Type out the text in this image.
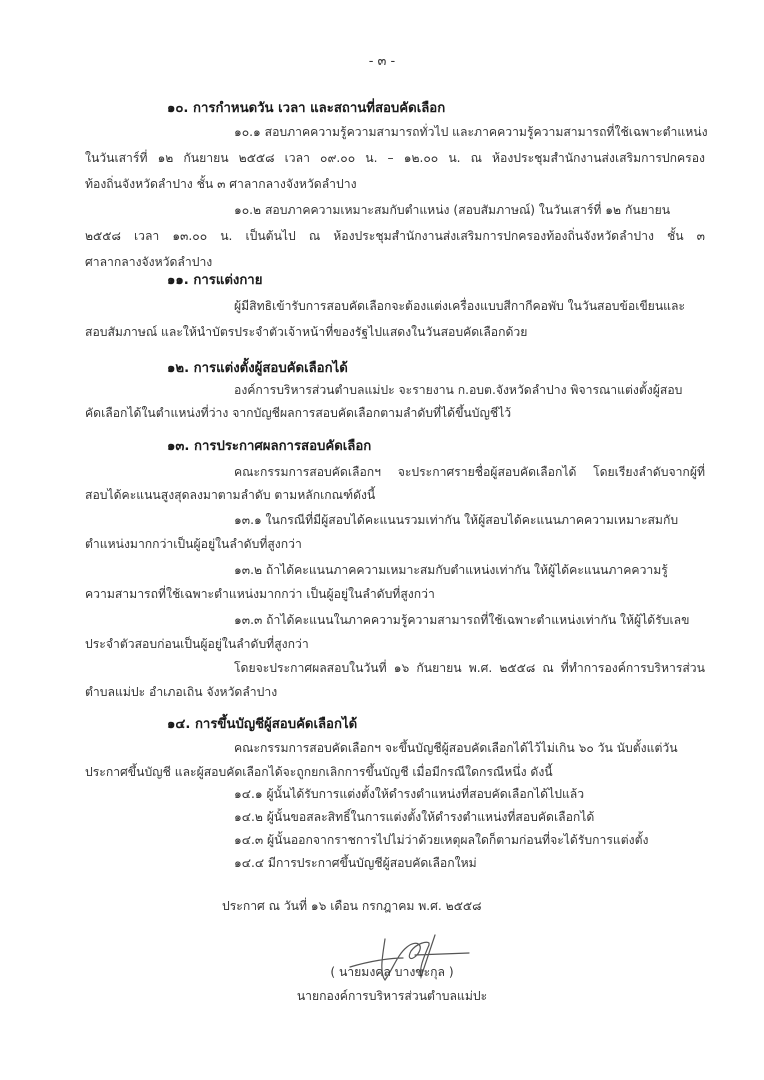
- ๓ -
๑๐. การกำหนดวัน เวลา และสถานที่สอบคัดเลือก
๑๐.๑ สอบภาคความรู้ความสามารถทั่วไป และภาคความรู้ความสามารถที่ใช้เฉพาะตำแหน่ง
ในวันเสาร์ที่ ๑๒ กันยายน ๒๕๕๘ เวลา ๐๙.๐๐ น. – ๑๒.๐๐ น. ณ ห้องประชุมสำนักงานส่งเสริมการปกครอง
ท้องถิ่นจังหวัดลำปาง ชั้น ๓ ศาลากลางจังหวัดลำปาง
๑๐.๒ สอบภาคความเหมาะสมกับตำแหน่ง (สอบสัมภาษณ์) ในวันเสาร์ที่ ๑๒ กันยายน
๒๕๕๘ เวลา ๑๓.๐๐ น. เป็นต้นไป ณ ห้องประชุมสำนักงานส่งเสริมการปกครองท้องถิ่นจังหวัดลำปาง ชั้น ๓
ศาลากลางจังหวัดลำปาง
๑๑. การแต่งกาย
ผู้มีสิทธิเข้ารับการสอบคัดเลือกจะต้องแต่งเครื่องแบบสีกากีคอพับ ในวันสอบข้อเขียนและ
สอบสัมภาษณ์ และให้นำบัตรประจำตัวเจ้าหน้าที่ของรัฐไปแสดงในวันสอบคัดเลือกด้วย
๑๒. การแต่งตั้งผู้สอบคัดเลือกได้
องค์การบริหารส่วนตำบลแม่ปะ จะรายงาน ก.อบต.จังหวัดลำปาง พิจารณาแต่งตั้งผู้สอบ
คัดเลือกได้ในตำแหน่งที่ว่าง จากบัญชีผลการสอบคัดเลือกตามลำดับที่ได้ขึ้นบัญชีไว้
๑๓. การประกาศผลการสอบคัดเลือก
คณะกรรมการสอบคัดเลือกฯ จะประกาศรายชื่อผู้สอบคัดเลือกได้ โดยเรียงลำดับจากผู้ที่
สอบได้คะแนนสูงสุดลงมาตามลำดับ ตามหลักเกณฑ์ดังนี้
๑๓.๑ ในกรณีที่มีผู้สอบได้คะแนนรวมเท่ากัน ให้ผู้สอบได้คะแนนภาคความเหมาะสมกับ
ตำแหน่งมากกว่าเป็นผู้อยู่ในลำดับที่สูงกว่า
๑๓.๒ ถ้าได้คะแนนภาคความเหมาะสมกับตำแหน่งเท่ากัน ให้ผู้ได้คะแนนภาคความรู้
ความสามารถที่ใช้เฉพาะตำแหน่งมากกว่า เป็นผู้อยู่ในลำดับที่สูงกว่า
๑๓.๓ ถ้าได้คะแนนในภาคความรู้ความสามารถที่ใช้เฉพาะตำแหน่งเท่ากัน ให้ผู้ได้รับเลข
ประจำตัวสอบก่อนเป็นผู้อยู่ในลำดับที่สูงกว่า
โดยจะประกาศผลสอบในวันที่ ๑๖ กันยายน พ.ศ. ๒๕๕๘ ณ ที่ทำการองค์การบริหารส่วน
ตำบลแม่ปะ อำเภอเถิน จังหวัดลำปาง
๑๔. การขึ้นบัญชีผู้สอบคัดเลือกได้
คณะกรรมการสอบคัดเลือกฯ จะขึ้นบัญชีผู้สอบคัดเลือกได้ไว้ไม่เกิน ๖๐ วัน นับตั้งแต่วัน
ประกาศขึ้นบัญชี และผู้สอบคัดเลือกได้จะถูกยกเลิกการขึ้นบัญชี เมื่อมีกรณีใดกรณีหนึ่ง ดังนี้
๑๔.๑ ผู้นั้นได้รับการแต่งตั้งให้ดำรงตำแหน่งที่สอบคัดเลือกได้ไปแล้ว
๑๔.๒ ผู้นั้นขอสละสิทธิ์ในการแต่งตั้งให้ดำรงตำแหน่งที่สอบคัดเลือกได้
๑๔.๓ ผู้นั้นออกจากราชการไปไม่ว่าด้วยเหตุผลใดก็ตามก่อนที่จะได้รับการแต่งตั้ง
๑๔.๔ มีการประกาศขึ้นบัญชีผู้สอบคัดเลือกใหม่
ประกาศ ณ วันที่ ๑๖ เดือน กรกฎาคม พ.ศ. ๒๕๕๘
( นายมงคล บางขะกุล )
นายกองค์การบริหารส่วนตำบลแม่ปะ
